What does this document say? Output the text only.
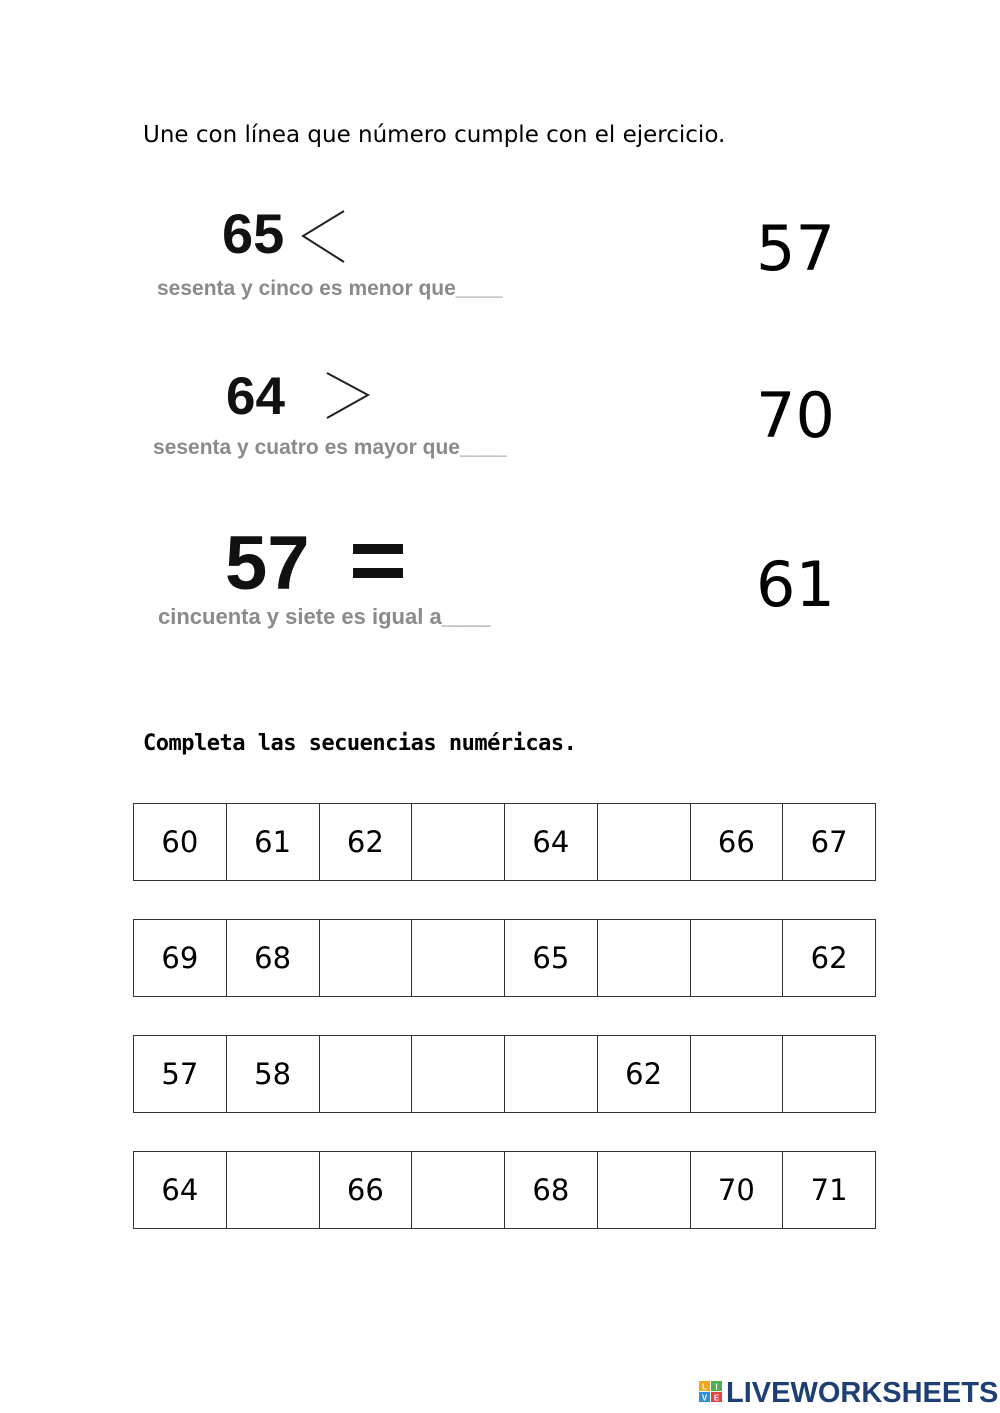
Une con línea que número cumple con el ejercicio.
65
sesenta y cinco es menor que____
64
sesenta y cuatro es mayor que____
57
cincuenta y siete es igual a____
57
70
61
Completa las secuencias numéricas.
60	61	62		64		66	67
69	68			65			62
57	58				62		
64		66		68		70	71
L I
V E LIVEWORKSHEETS
